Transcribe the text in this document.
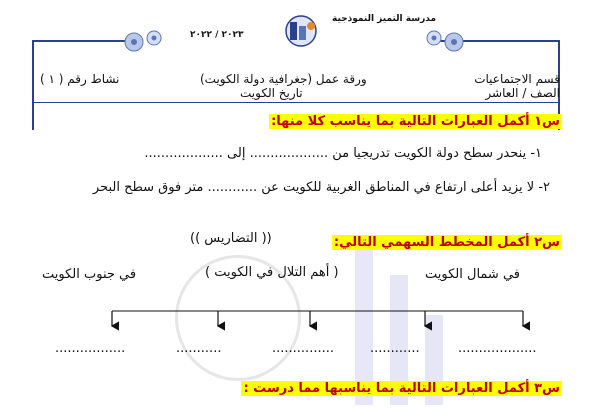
مدرسة التميز النموذجية
٢٠٢٣ / ٢٠٢٢
قسم الاجتماعيات
الصف / العاشر
ورقة عمل (جغرافية دولة الكويت)
تاريخ الكويت
نشاط رقم ( ١ )
س١ أكمل العبارات التالية بما يناسب كلا منها:
١- ينحدر سطح دولة الكويت تدريجيا من ................... إلى ...................
٢- لا يزيد أعلى ارتفاع في المناطق الغربية للكويت عن ............ متر فوق سطح البحر
س٢ أكمل المخطط السهمي التالي:
(( التضاريس ))
في شمال الكويت
( أهم التلال في الكويت )
في جنوب الكويت
.................	...........	...............	............	...................
س٣ أكمل العبارات التالية بما يناسبها مما درست :
